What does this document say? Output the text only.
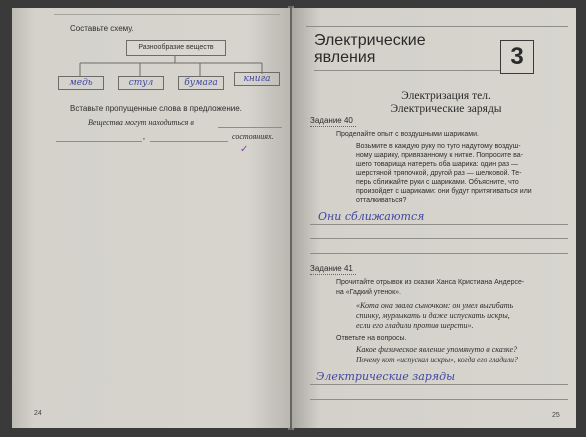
Составьте схему.
Разнообразие веществ
медь	стул	бумага	книга
Вставьте пропущенные слова в предложение.
Вещества могут находиться в
,	состояниях.
✓
24
Электрические
явления	3
Электризация тел.
Электрические заряды
Задание 40
Проделайте опыт с воздушными шариками.
Возьмите в каждую руку по туго надутому воздуш-
ному шарику, привязанному к нитке. Попросите ва-
шего товарища натереть оба шарика: один раз —
шерстяной тряпочкой, другой раз — шелковой. Те-
перь сближайте руки с шариками. Объясните, что
произойдет с шариками: они будут притягиваться или
отталкиваться?
Они сближаются
Задание 41
Прочитайте отрывок из сказки Ханса Кристиана Андерсе-
на «Гадкий утенок».
«Кота она звала сыночком: он умел выгибать
спинку, мурлыкать и даже испускать искры,
если его гладили против шерсти».
Ответьте на вопросы.
Какое физическое явление упомянуто в сказке?
Почему кот «испускал искры», когда его гладили?
Электрические заряды
25
